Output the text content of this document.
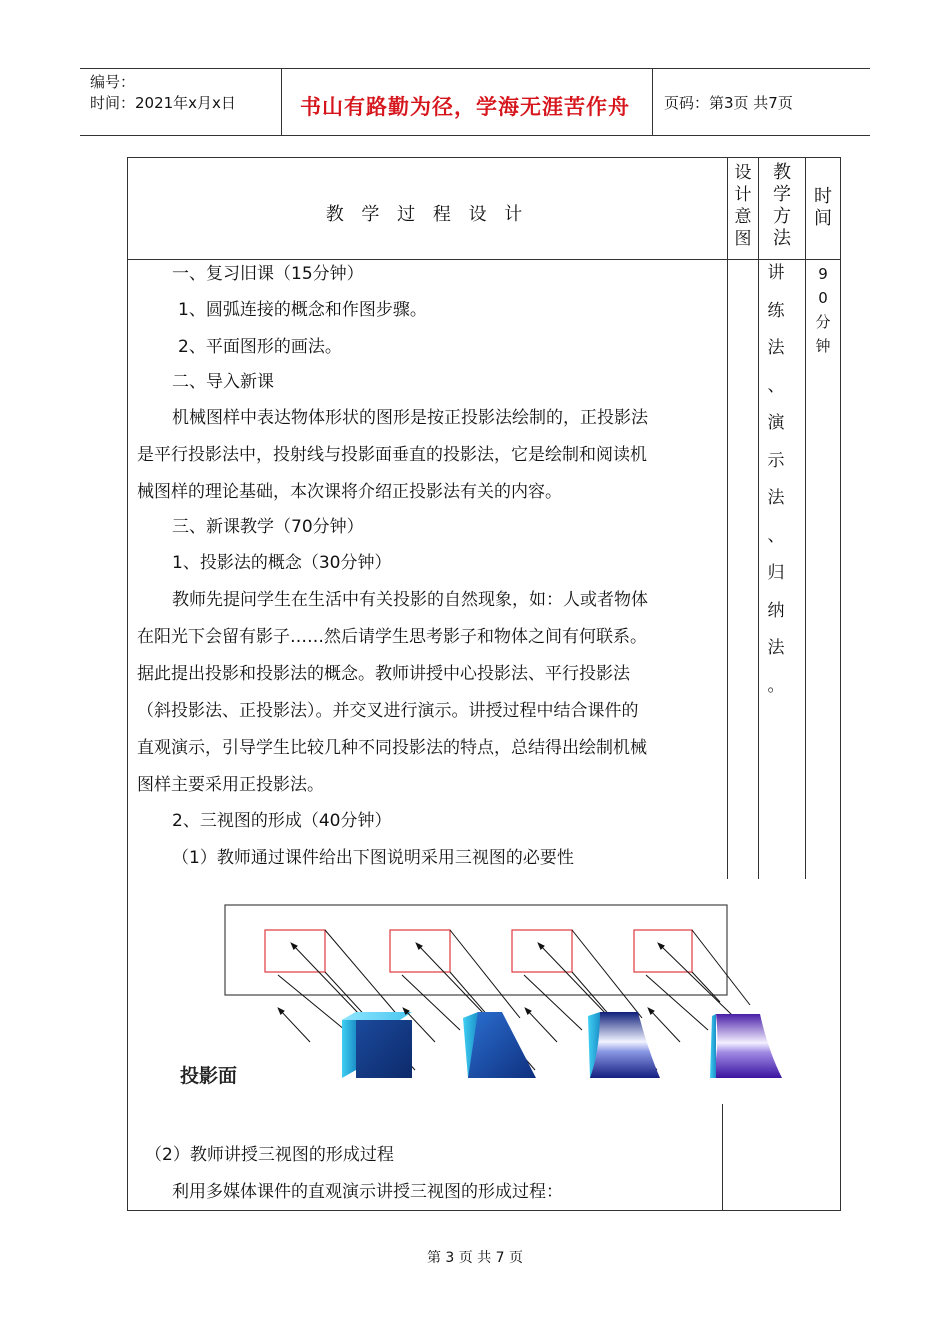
编号：
时间：2021年x月x日	书山有路勤为径，学海无涯苦作舟 页码：第3页 共7页
教 学 过 程 设 计
设
计
意
图
教
学
方
法
时
间
讲
练
法
、
演
示
法
、
归
纳
法
。
9
0
分
钟
一、复习旧课（15分钟）
1、圆弧连接的概念和作图步骤。
2、平面图形的画法。
二、导入新课
机械图样中表达物体形状的图形是按正投影法绘制的，正投影法
是平行投影法中，投射线与投影面垂直的投影法，它是绘制和阅读机
械图样的理论基础，本次课将介绍正投影法有关的内容。
三、新课教学（70分钟）
1、投影法的概念（30分钟）
教师先提问学生在生活中有关投影的自然现象，如：人或者物体
在阳光下会留有影子……然后请学生思考影子和物体之间有何联系。
据此提出投影和投影法的概念。教师讲授中心投影法、平行投影法
（斜投影法、正投影法）。并交叉进行演示。讲授过程中结合课件的
直观演示，引导学生比较几种不同投影法的特点，总结得出绘制机械
图样主要采用正投影法。
2、三视图的形成（40分钟）
（1）教师通过课件给出下图说明采用三视图的必要性
投影面
（2）教师讲授三视图的形成过程
利用多媒体课件的直观演示讲授三视图的形成过程：
第 3 页 共 7 页
